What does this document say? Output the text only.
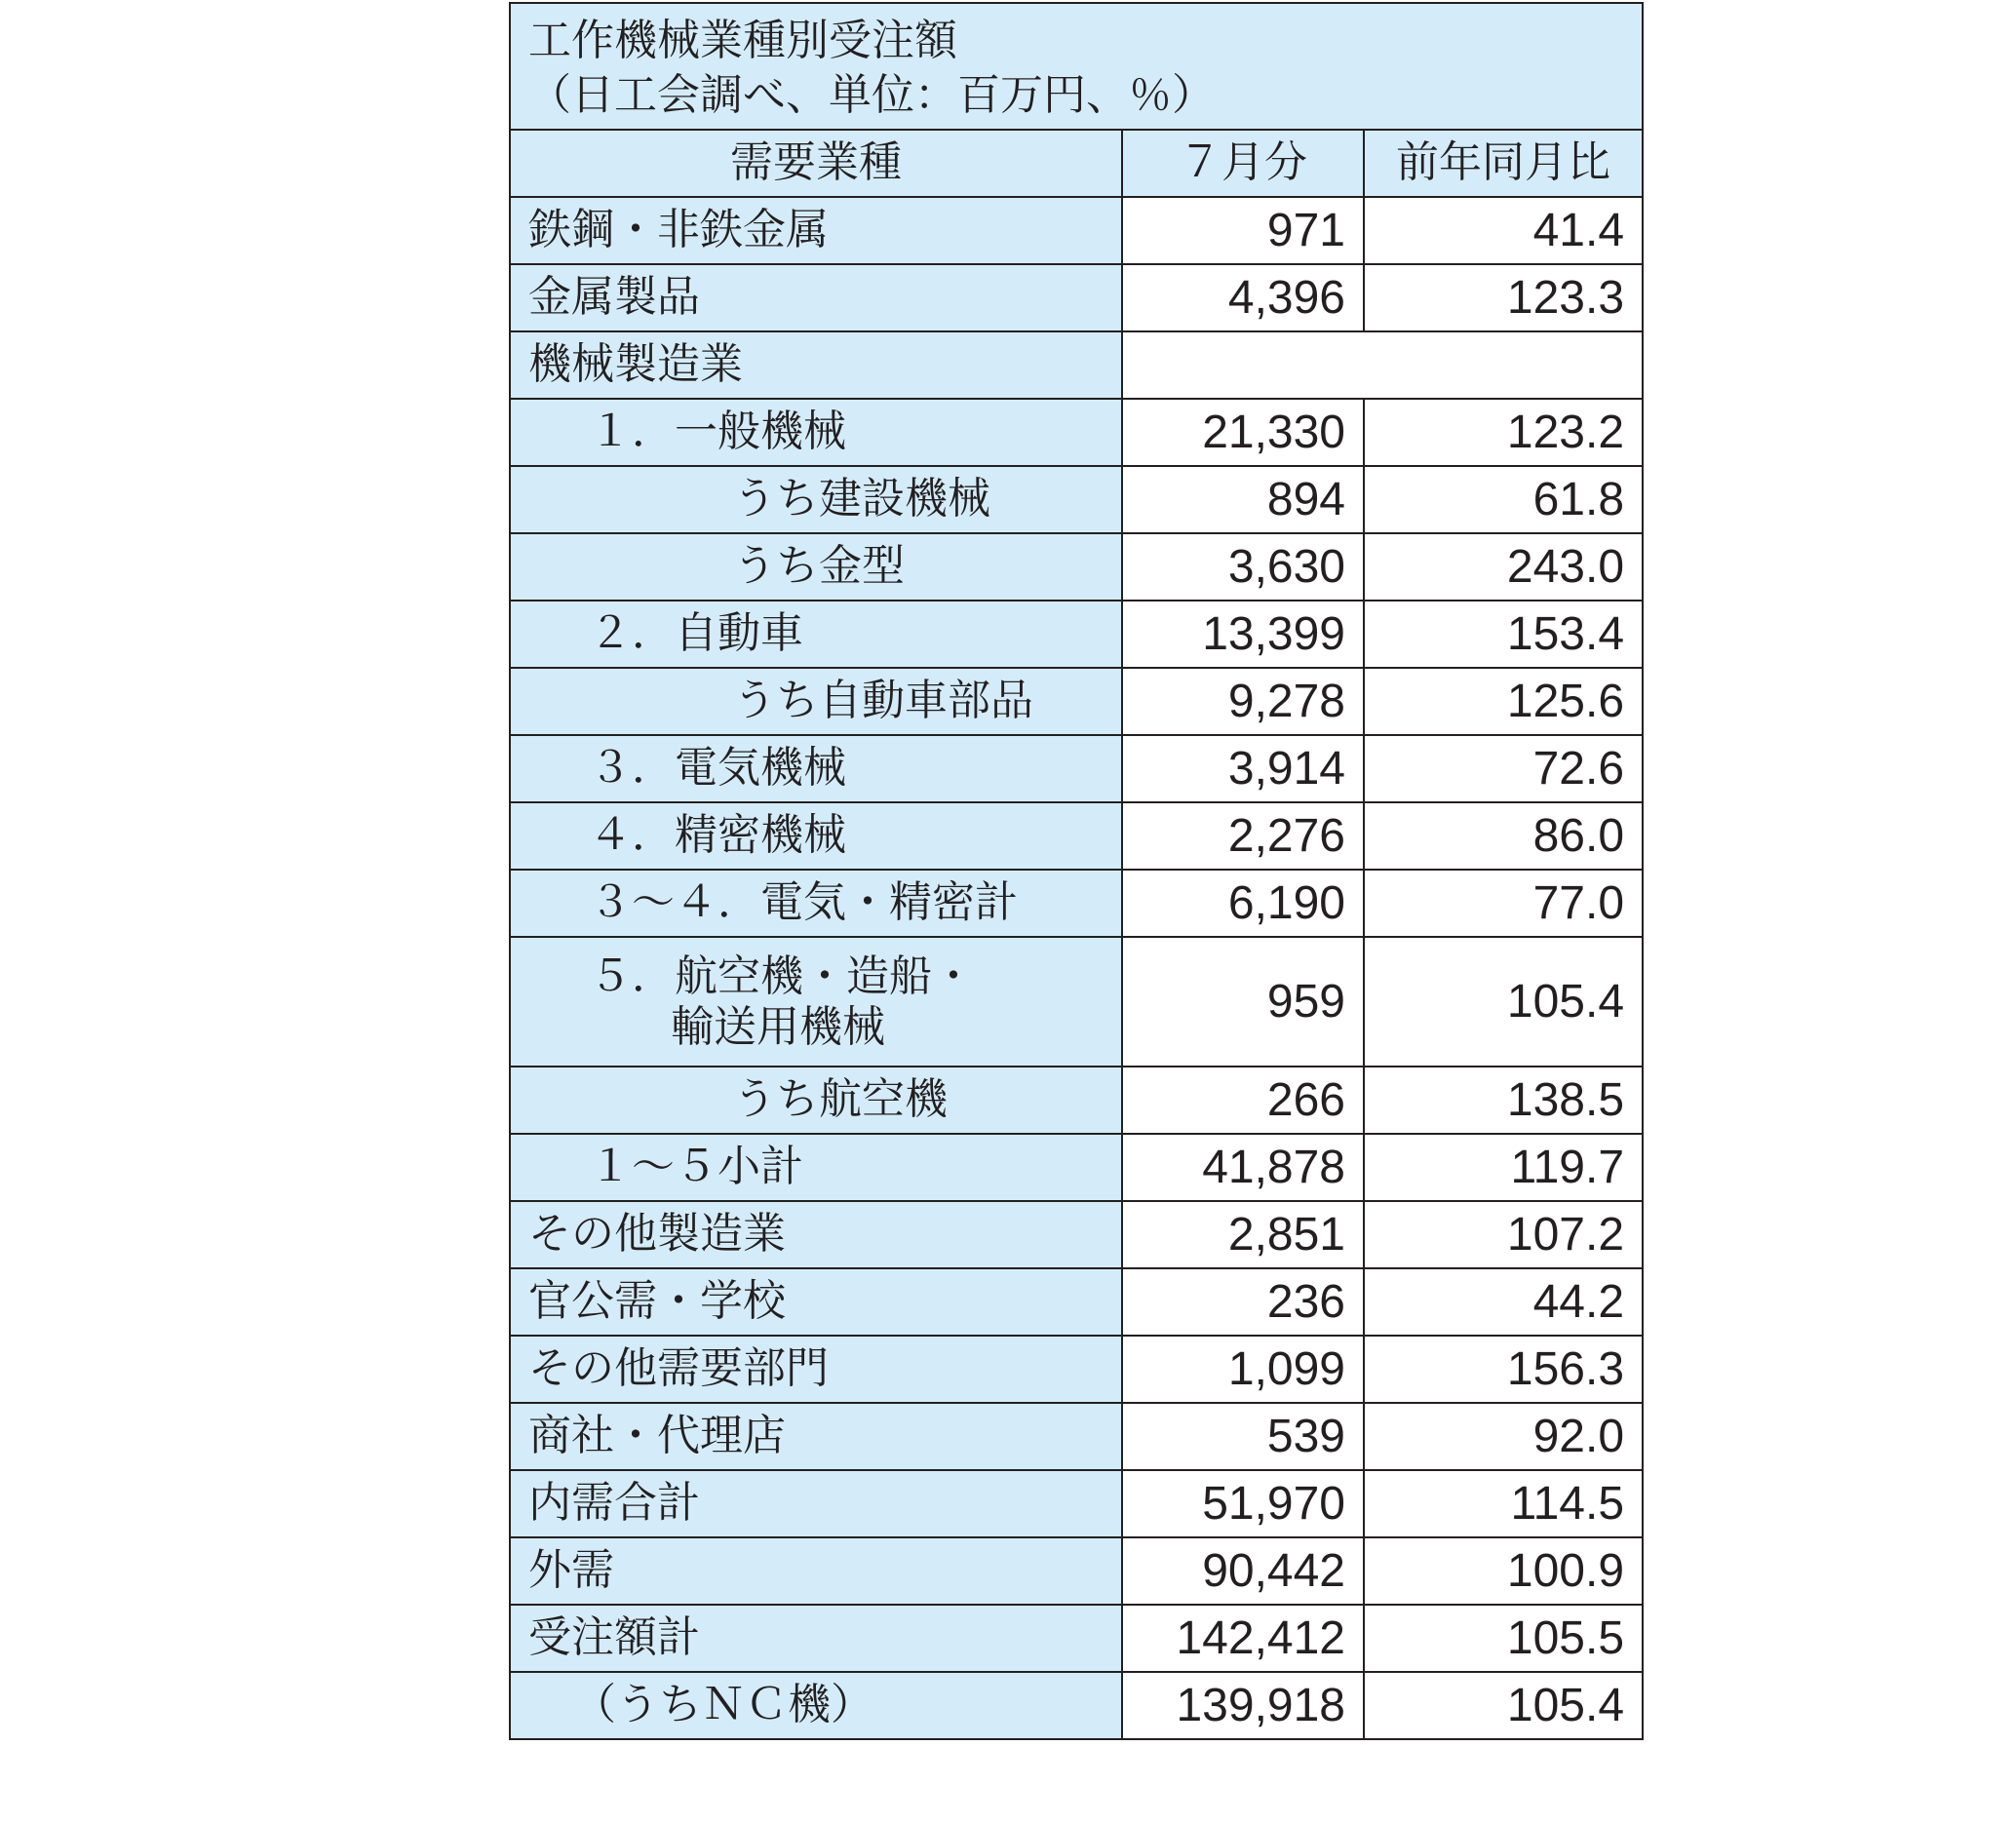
工作機械業種別受注額
（日工会調べ、単位：百万円、％）		

需要業種	７月分	前年同月比
鉄鋼・非鉄金属	971	41.4
金属製品	4,396	123.3
機械製造業		
１．一般機械	21,330	123.2
うち建設機械	894	61.8
うち金型	3,630	243.0
２．自動車	13,399	153.4
うち自動車部品	9,278	125.6
３．電気機械	3,914	72.6
４．精密機械	2,276	86.0
３～４．電気・精密計	6,190	77.0
５．航空機・造船・
輸送用機械	959	105.4
うち航空機	266	138.5
１～５小計	41,878	119.7
その他製造業	2,851	107.2
官公需・学校	236	44.2
その他需要部門	1,099	156.3
商社・代理店	539	92.0
内需合計	51,970	114.5
外需	90,442	100.9
受注額計	142,412	105.5
（うちＮＣ機）	139,918	105.4
